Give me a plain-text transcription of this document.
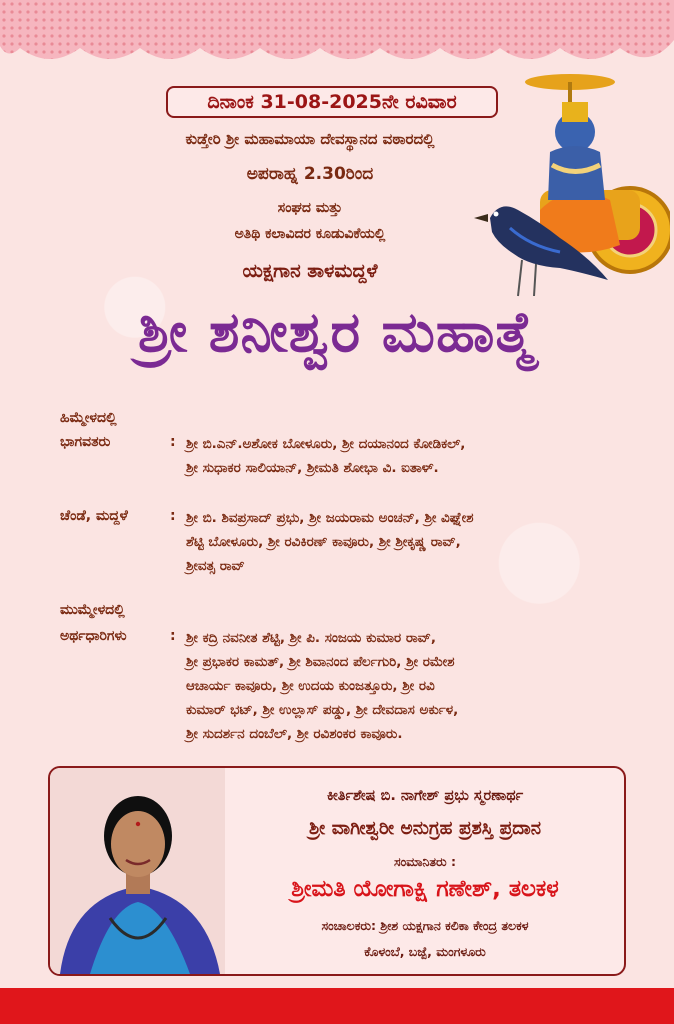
ದಿನಾಂಕ 31-08-2025ನೇ ರವಿವಾರ
ಕುಡ್ತೇರಿ ಶ್ರೀ ಮಹಾಮಾಯಾ ದೇವಸ್ಥಾನದ ವಠಾರದಲ್ಲಿ
ಅಪರಾಹ್ನ 2.30ರಿಂದ
ಸಂಘದ ಮತ್ತು
ಅತಿಥಿ ಕಲಾವಿದರ ಕೂಡುವಿಕೆಯಲ್ಲಿ
ಯಕ್ಷಗಾನ ತಾಳಮದ್ದಳೆ
ಶ್ರೀ ಶನೀಶ್ವರ ಮಹಾತ್ಮೆ
ಹಿಮ್ಮೇಳದಲ್ಲಿ
ಭಾಗವತರು	: ಶ್ರೀ ಬಿ.ಎನ್.ಅಶೋಕ ಬೋಳೂರು, ಶ್ರೀ ದಯಾನಂದ ಕೋಡಿಕಲ್,
ಶ್ರೀ ಸುಧಾಕರ ಸಾಲಿಯಾನ್, ಶ್ರೀಮತಿ ಶೋಭಾ ವಿ. ಐತಾಳ್.
ಚೆಂಡೆ, ಮದ್ದಳೆ	: ಶ್ರೀ ಬಿ. ಶಿವಪ್ರಸಾದ್ ಪ್ರಭು, ಶ್ರೀ ಜಯರಾಮ ಅಂಚನ್, ಶ್ರೀ ವಿಘ್ನೇಶ
ಶೆಟ್ಟಿ ಬೋಳೂರು, ಶ್ರೀ ರವಿಕಿರಣ್ ಕಾವೂರು, ಶ್ರೀ ಶ್ರೀಕೃಷ್ಣ ರಾವ್,
ಶ್ರೀವತ್ಸ ರಾವ್
ಮುಮ್ಮೇಳದಲ್ಲಿ
ಅರ್ಥಧಾರಿಗಳು	: ಶ್ರೀ ಕದ್ರಿ ನವನೀತ ಶೆಟ್ಟಿ, ಶ್ರೀ ಪಿ. ಸಂಜಯ ಕುಮಾರ ರಾವ್,
ಶ್ರೀ ಪ್ರಭಾಕರ ಕಾಮತ್, ಶ್ರೀ ಶಿವಾನಂದ ಪೆರ್ಲಗುರಿ, ಶ್ರೀ ರಮೇಶ
ಆಚಾರ್ಯ ಕಾವೂರು, ಶ್ರೀ ಉದಯ ಕುಂಜತ್ತೂರು, ಶ್ರೀ ರವಿ
ಕುಮಾರ್ ಭಟ್, ಶ್ರೀ ಉಲ್ಲಾಸ್ ಪಡ್ಡು, ಶ್ರೀ ದೇವದಾಸ ಅರ್ಕುಳ,
ಶ್ರೀ ಸುದರ್ಶನ ದಂಬೆಲ್, ಶ್ರೀ ರವಿಶಂಕರ ಕಾವೂರು.
ಕೀರ್ತಿಶೇಷ ಬಿ. ನಾಗೇಶ್ ಪ್ರಭು ಸ್ಮರಣಾರ್ಥ
ಶ್ರೀ ವಾಗೀಶ್ವರೀ ಅನುಗ್ರಹ ಪ್ರಶಸ್ತಿ ಪ್ರದಾನ
ಸಂಮಾನಿತರು :
ಶ್ರೀಮತಿ ಯೋಗಾಕ್ಷಿ ಗಣೇಶ್, ತಲಕಳ
ಸಂಚಾಲಕರು: ಶ್ರೀಶ ಯಕ್ಷಗಾನ ಕಲಿಕಾ ಕೇಂದ್ರ ತಲಕಳ
ಕೊಳಂಬೆ, ಬಜ್ಪೆ, ಮಂಗಳೂರು
